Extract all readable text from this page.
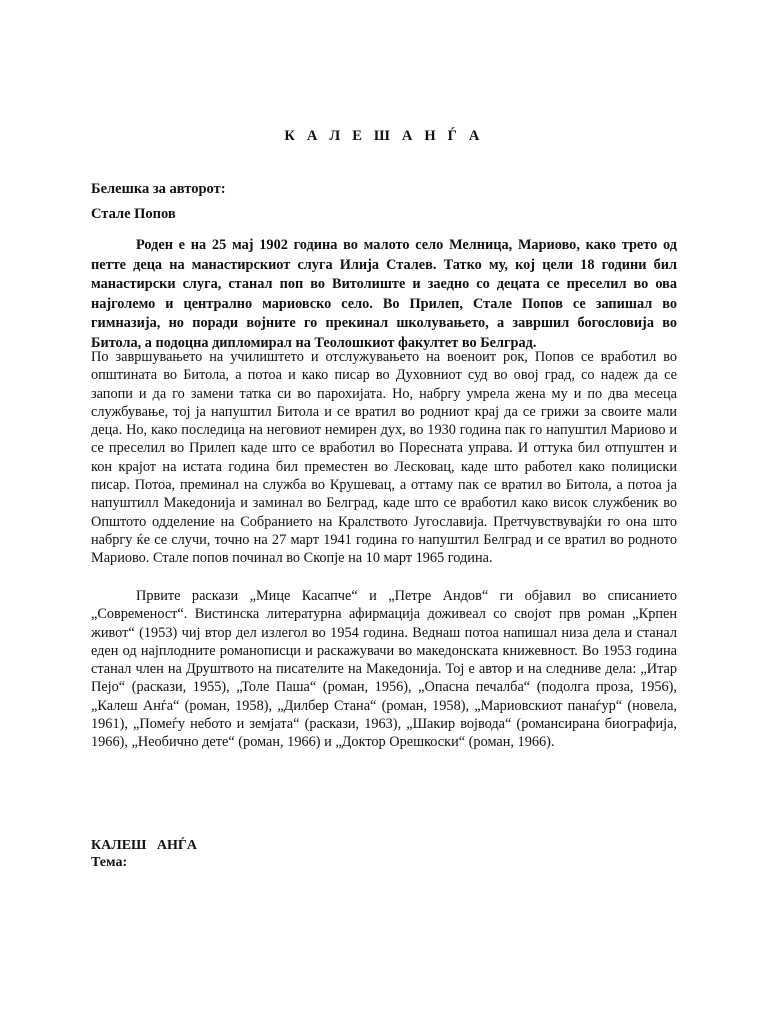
К А Л Е Ш А Н Ѓ А
Белешка за авторот:
Стале Попов

Роден е на 25 мај 1902 година во малото село Мелница, Мариово, како трето од петте деца на манастирскиот слуга Илија Сталев. Татко му, кој цели 18 години бил манастирски слуга, станал поп во Витолиште и заедно со децата се преселил во ова најголемо и централно мариовско село. Во Прилеп, Стале Попов се запишал во гимназија, но поради војните го прекинал школувањето, а завршил богословија во Битола, а подоцна дипломирал на Теолошкиот факултет во Белград.

По завршувањето на училиштето и отслужувањето на военоит рок, Попов се вработил во општината во Битола, а потоа и како писар во Духовниот суд во овој град, со надеж да се запопи и да го замени татка си во парохијата. Но, набргу умрела жена му и по два месеца службување, тој ја напуштил Битола и се вратил во родниот крај да се грижи за своите мали деца. Но, како последица на неговиот немирен дух, во 1930 година пак го напуштил Мариово и се преселил во Прилеп каде што се вработил во Поресната управа. И оттука бил отпуштен и кон крајот на истата година бил преместен во Лесковац, каде што работел како полициски писар. Потоа, преминал на служба во Крушевац, а оттаму пак се вратил во Битола, а потоа ја напуштилл Македонија и заминал во Белград, каде што се вработил како висок службеник во Општото одделение на Собранието на Кралството Југославија. Претчувствувајќи го она што набргу ќе се случи, точно на 27 март 1941 година го напуштил Белград и се вратил во родното Мариово. Стале попов починал во Скопје на 10 март 1965 година.

Првите раскази „Мице Касапче“ и „Петре Андов“ ги објавил во списанието „Современост“. Вистинска литературна афирмација доживеал со својот прв роман „Крпен живот“ (1953) чиј втор дел излегол во 1954 година. Веднаш потоа напишал низа дела и станал еден од најплодните романописци и раскажувачи во македонската книжевност. Во 1953 година станал член на Друштвото на писателите на Македонија. Тој е автор и на следниве дела: „Итар Пејо“ (раскази, 1955), „Толе Паша“ (роман, 1956), „Опасна печалба“ (подолга проза, 1956), „Калеш Анѓа“ (роман, 1958), „Дилбер Стана“ (роман, 1958), „Мариовскиот панаѓур“ (новела, 1961), „Помеѓу небото и земјата“ (раскази, 1963), „Шакир војвода“ (романсирана биографија, 1966), „Необично дете“ (роман, 1966) и „Доктор Орешкоски“ (роман, 1966).

КАЛЕШ   АНЃА
Тема:
